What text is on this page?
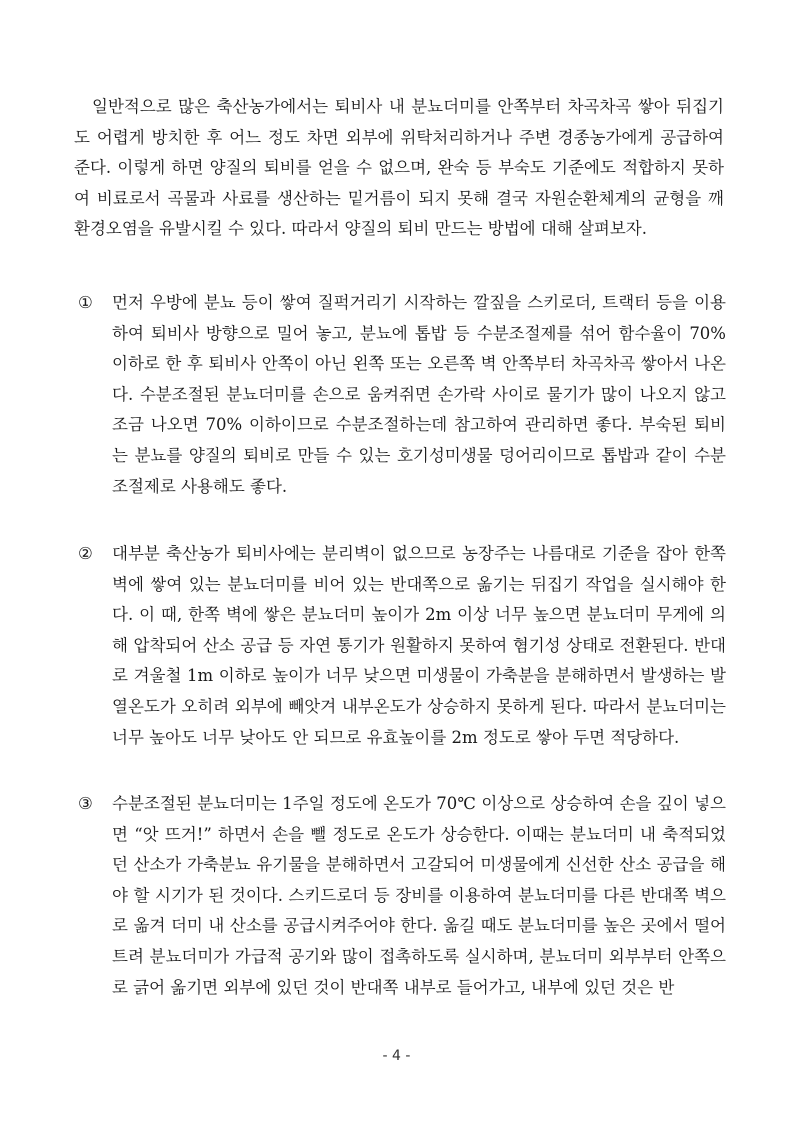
일반적으로 많은 축산농가에서는 퇴비사 내 분뇨더미를 안쪽부터 차곡차곡 쌓아 뒤집기도 어렵게 방치한 후 어느 정도 차면 외부에 위탁처리하거나 주변 경종농가에게 공급하여 준다. 이렇게 하면 양질의 퇴비를 얻을 수 없으며, 완숙 등 부숙도 기준에도 적합하지 못하여 비료로서 곡물과 사료를 생산하는 밑거름이 되지 못해 결국 자원순환체계의 균형을 깨 환경오염을 유발시킬 수 있다. 따라서 양질의 퇴비 만드는 방법에 대해 살펴보자.

①	먼저 우방에 분뇨 등이 쌓여 질퍽거리기 시작하는 깔짚을 스키로더, 트랙터 등을 이용하여 퇴비사 방향으로 밀어 놓고, 분뇨에 톱밥 등 수분조절제를 섞어 함수율이 70% 이하로 한 후 퇴비사 안쪽이 아닌 왼쪽 또는 오른쪽 벽 안쪽부터 차곡차곡 쌓아서 나온다. 수분조절된 분뇨더미를 손으로 움켜쥐면 손가락 사이로 물기가 많이 나오지 않고 조금 나오면 70% 이하이므로 수분조절하는데 참고하여 관리하면 좋다. 부숙된 퇴비는 분뇨를 양질의 퇴비로 만들 수 있는 호기성미생물 덩어리이므로 톱밥과 같이 수분조절제로 사용해도 좋다.

②	대부분 축산농가 퇴비사에는 분리벽이 없으므로 농장주는 나름대로 기준을 잡아 한쪽 벽에 쌓여 있는 분뇨더미를 비어 있는 반대쪽으로 옮기는 뒤집기 작업을 실시해야 한다. 이 때, 한쪽 벽에 쌓은 분뇨더미 높이가 2m 이상 너무 높으면 분뇨더미 무게에 의해 압착되어 산소 공급 등 자연 통기가 원활하지 못하여 혐기성 상태로 전환된다. 반대로 겨울철 1m 이하로 높이가 너무 낮으면 미생물이 가축분을 분해하면서 발생하는 발열온도가 오히려 외부에 빼앗겨 내부온도가 상승하지 못하게 된다. 따라서 분뇨더미는 너무 높아도 너무 낮아도 안 되므로 유효높이를 2m 정도로 쌓아 두면 적당하다.

③	수분조절된 분뇨더미는 1주일 정도에 온도가 70℃ 이상으로 상승하여 손을 깊이 넣으면 “앗 뜨거!” 하면서 손을 뺄 정도로 온도가 상승한다. 이때는 분뇨더미 내 축적되었던 산소가 가축분뇨 유기물을 분해하면서 고갈되어 미생물에게 신선한 산소 공급을 해야 할 시기가 된 것이다. 스키드로더 등 장비를 이용하여 분뇨더미를 다른 반대쪽 벽으로 옮겨 더미 내 산소를 공급시켜주어야 한다. 옮길 때도 분뇨더미를 높은 곳에서 떨어트려 분뇨더미가 가급적 공기와 많이 접촉하도록 실시하며, 분뇨더미 외부부터 안쪽으로 긁어 옮기면 외부에 있던 것이 반대쪽 내부로 들어가고, 내부에 있던 것은 반

- 4 -
